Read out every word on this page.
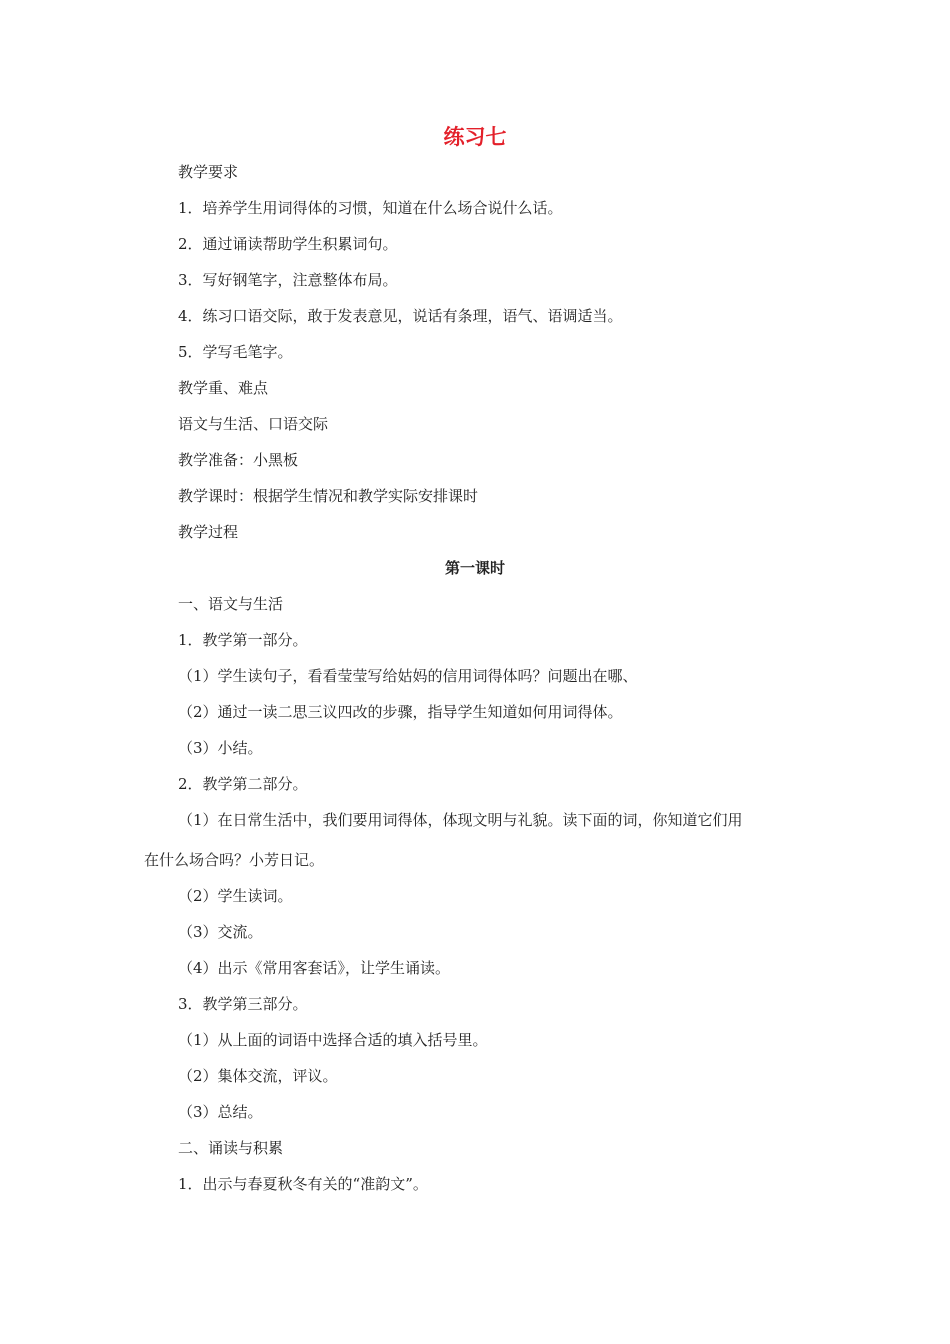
练习七
教学要求
1．培养学生用词得体的习惯，知道在什么场合说什么话。
2．通过诵读帮助学生积累词句。
3．写好钢笔字，注意整体布局。
4．练习口语交际，敢于发表意见，说话有条理，语气、语调适当。
5．学写毛笔字。
教学重、难点
语文与生活、口语交际
教学准备：小黑板
教学课时：根据学生情况和教学实际安排课时
教学过程
第一课时
一、语文与生活
1．教学第一部分。
（1）学生读句子，看看莹莹写给姑妈的信用词得体吗？问题出在哪、
（2）通过一读二思三议四改的步骤，指导学生知道如何用词得体。
（3）小结。
2．教学第二部分。
（1）在日常生活中，我们要用词得体，体现文明与礼貌。读下面的词，你知道它们用
在什么场合吗？小芳日记。
（2）学生读词。
（3）交流。
（4）出示《常用客套话》，让学生诵读。
3．教学第三部分。
（1）从上面的词语中选择合适的填入括号里。
（2）集体交流，评议。
（3）总结。
二、诵读与积累
1．出示与春夏秋冬有关的“准韵文”。
